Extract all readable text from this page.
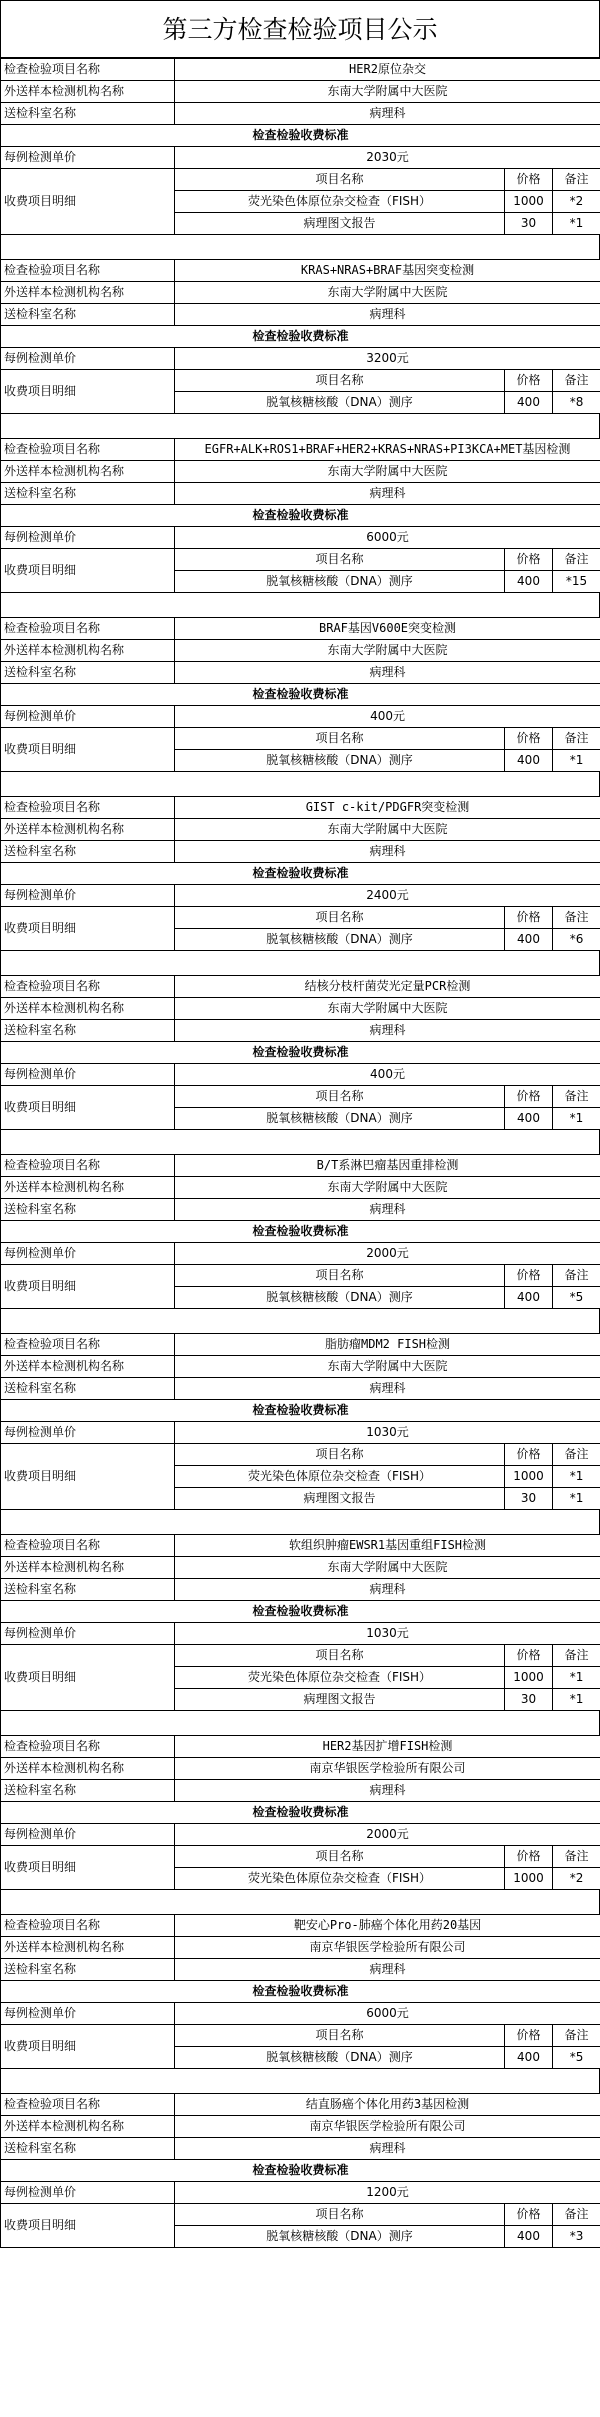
第三方检查检验项目公示
检查检验项目名称	HER2原位杂交		
外送样本检测机构名称	东南大学附属中大医院		
送检科室名称	病理科		
检查检验收费标准			
每例检测单价	2030元		
收费项目明细	项目名称	价格	备注
	荧光染色体原位杂交检查（FISH）	1000	*2
	病理图文报告	30	*1
检查检验项目名称	KRAS+NRAS+BRAF基因突变检测		
外送样本检测机构名称	东南大学附属中大医院		
送检科室名称	病理科		
检查检验收费标准			
每例检测单价	3200元		
收费项目明细	项目名称	价格	备注
	脱氧核糖核酸（DNA）测序	400	*8
检查检验项目名称	EGFR+ALK+ROS1+BRAF+HER2+KRAS+NRAS+PI3KCA+MET基因检测		
外送样本检测机构名称	东南大学附属中大医院		
送检科室名称	病理科		
检查检验收费标准			
每例检测单价	6000元		
收费项目明细	项目名称	价格	备注
	脱氧核糖核酸（DNA）测序	400	*15
检查检验项目名称	BRAF基因V600E突变检测		
外送样本检测机构名称	东南大学附属中大医院		
送检科室名称	病理科		
检查检验收费标准			
每例检测单价	400元		
收费项目明细	项目名称	价格	备注
	脱氧核糖核酸（DNA）测序	400	*1
检查检验项目名称	GIST c-kit/PDGFR突变检测		
外送样本检测机构名称	东南大学附属中大医院		
送检科室名称	病理科		
检查检验收费标准			
每例检测单价	2400元		
收费项目明细	项目名称	价格	备注
	脱氧核糖核酸（DNA）测序	400	*6
检查检验项目名称	结核分枝杆菌荧光定量PCR检测		
外送样本检测机构名称	东南大学附属中大医院		
送检科室名称	病理科		
检查检验收费标准			
每例检测单价	400元		
收费项目明细	项目名称	价格	备注
	脱氧核糖核酸（DNA）测序	400	*1
检查检验项目名称	B/T系淋巴瘤基因重排检测		
外送样本检测机构名称	东南大学附属中大医院		
送检科室名称	病理科		
检查检验收费标准			
每例检测单价	2000元		
收费项目明细	项目名称	价格	备注
	脱氧核糖核酸（DNA）测序	400	*5
检查检验项目名称	脂肪瘤MDM2 FISH检测		
外送样本检测机构名称	东南大学附属中大医院		
送检科室名称	病理科		
检查检验收费标准			
每例检测单价	1030元		
收费项目明细	项目名称	价格	备注
	荧光染色体原位杂交检查（FISH）	1000	*1
	病理图文报告	30	*1
检查检验项目名称	软组织肿瘤EWSR1基因重组FISH检测		
外送样本检测机构名称	东南大学附属中大医院		
送检科室名称	病理科		
检查检验收费标准			
每例检测单价	1030元		
收费项目明细	项目名称	价格	备注
	荧光染色体原位杂交检查（FISH）	1000	*1
	病理图文报告	30	*1
检查检验项目名称	HER2基因扩增FISH检测		
外送样本检测机构名称	南京华银医学检验所有限公司		
送检科室名称	病理科		
检查检验收费标准			
每例检测单价	2000元		
收费项目明细	项目名称	价格	备注
	荧光染色体原位杂交检查（FISH）	1000	*2
检查检验项目名称	靶安心Pro-肺癌个体化用药20基因		
外送样本检测机构名称	南京华银医学检验所有限公司		
送检科室名称	病理科		
检查检验收费标准			
每例检测单价	6000元		
收费项目明细	项目名称	价格	备注
	脱氧核糖核酸（DNA）测序	400	*5
检查检验项目名称	结直肠癌个体化用药3基因检测		
外送样本检测机构名称	南京华银医学检验所有限公司		
送检科室名称	病理科		
检查检验收费标准			
每例检测单价	1200元		
收费项目明细	项目名称	价格	备注
	脱氧核糖核酸（DNA）测序	400	*3
